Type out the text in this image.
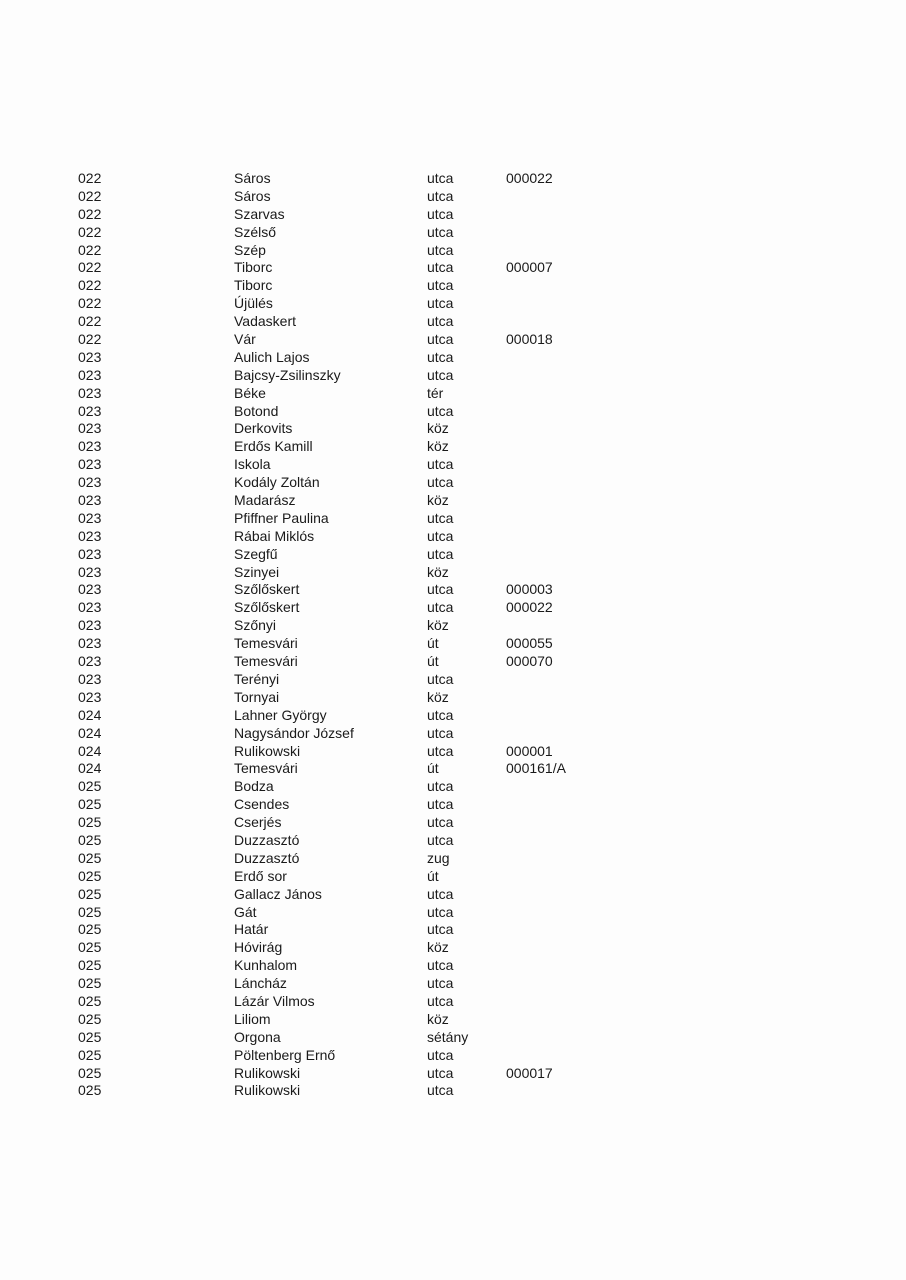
022	Sáros	utca	000022
022	Sáros	utca
022	Szarvas	utca
022	Szélső	utca
022	Szép	utca
022	Tiborc	utca	000007
022	Tiborc	utca
022	Újülés	utca
022	Vadaskert	utca
022	Vár	utca	000018
023	Aulich Lajos	utca
023	Bajcsy-Zsilinszky	utca
023	Béke	tér
023	Botond	utca
023	Derkovits	köz
023	Erdős Kamill	köz
023	Iskola	utca
023	Kodály Zoltán	utca
023	Madarász	köz
023	Pfiffner Paulina	utca
023	Rábai Miklós	utca
023	Szegfű	utca
023	Szinyei	köz
023	Szőlőskert	utca	000003
023	Szőlőskert	utca	000022
023	Szőnyi	köz
023	Temesvári	út	000055
023	Temesvári	út	000070
023	Terényi	utca
023	Tornyai	köz
024	Lahner György	utca
024	Nagysándor József	utca
024	Rulikowski	utca	000001
024	Temesvári	út	000161/A
025	Bodza	utca
025	Csendes	utca
025	Cserjés	utca
025	Duzzasztó	utca
025	Duzzasztó	zug
025	Erdő sor	út
025	Gallacz János	utca
025	Gát	utca
025	Határ	utca
025	Hóvirág	köz
025	Kunhalom	utca
025	Láncház	utca
025	Lázár Vilmos	utca
025	Liliom	köz
025	Orgona	sétány
025	Pöltenberg Ernő	utca
025	Rulikowski	utca	000017
025	Rulikowski	utca
